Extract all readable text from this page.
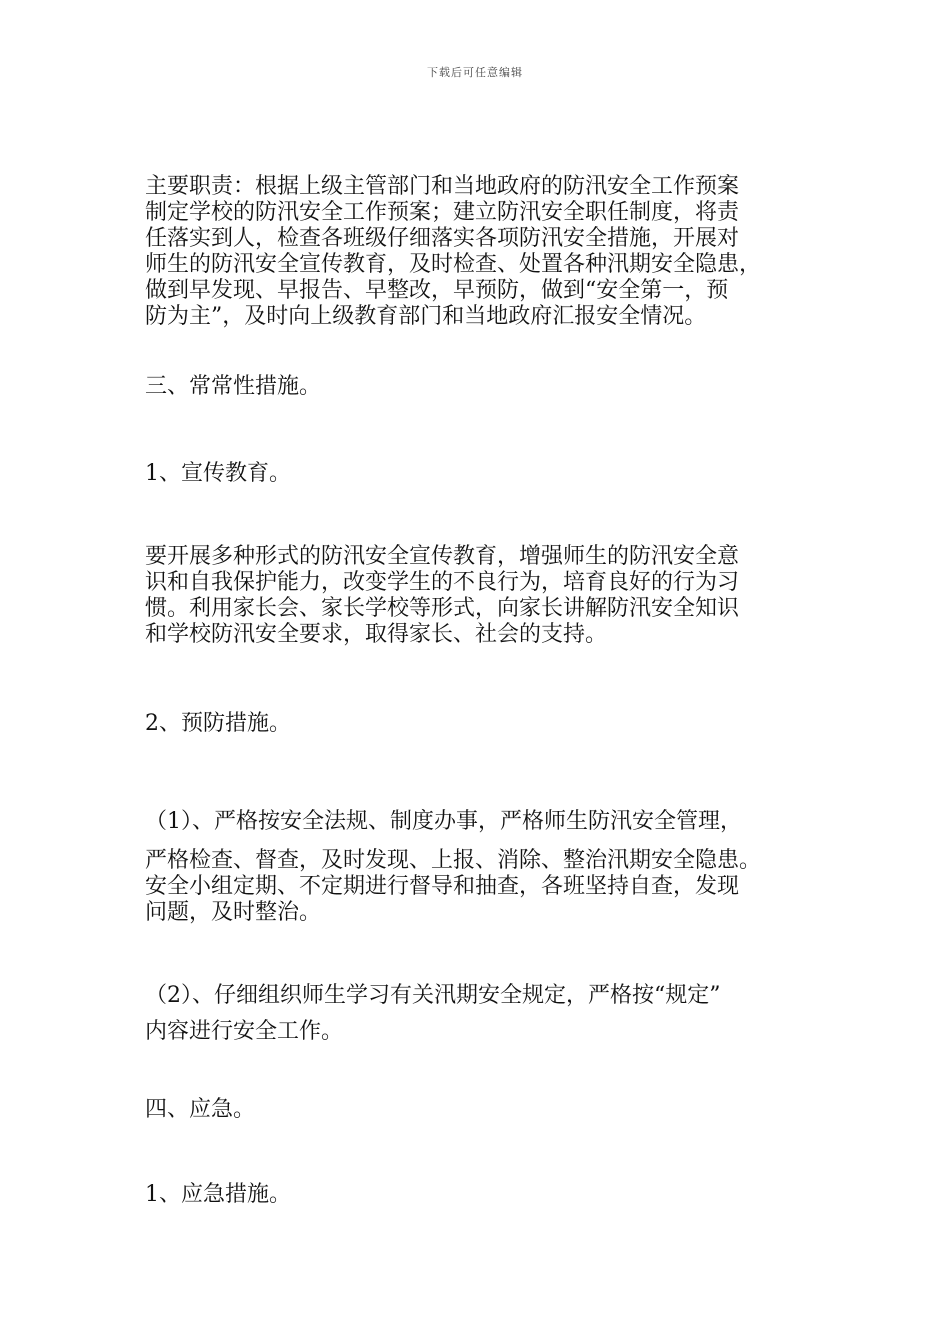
下载后可任意编辑
主要职责：根据上级主管部门和当地政府的防汛安全工作预案
制定学校的防汛安全工作预案；建立防汛安全职任制度，将责
任落实到人，检查各班级仔细落实各项防汛安全措施，开展对
师生的防汛安全宣传教育，及时检查、处置各种汛期安全隐患，
做到早发现、早报告、早整改，早预防，做到“安全第一，预
防为主”，及时向上级教育部门和当地政府汇报安全情况。
三、常常性措施。
1、宣传教育。
要开展多种形式的防汛安全宣传教育，增强师生的防汛安全意
识和自我保护能力，改变学生的不良行为，培育良好的行为习
惯。利用家长会、家长学校等形式，向家长讲解防汛安全知识
和学校防汛安全要求，取得家长、社会的支持。
2、预防措施。
（1）、严格按安全法规、制度办事，严格师生防汛安全管理，
严格检查、督查，及时发现、上报、消除、整治汛期安全隐患。
安全小组定期、不定期进行督导和抽查，各班坚持自查，发现
问题，及时整治。
（2）、仔细组织师生学习有关汛期安全规定，严格按“规定”
内容进行安全工作。
四、应急。
1、应急措施。
